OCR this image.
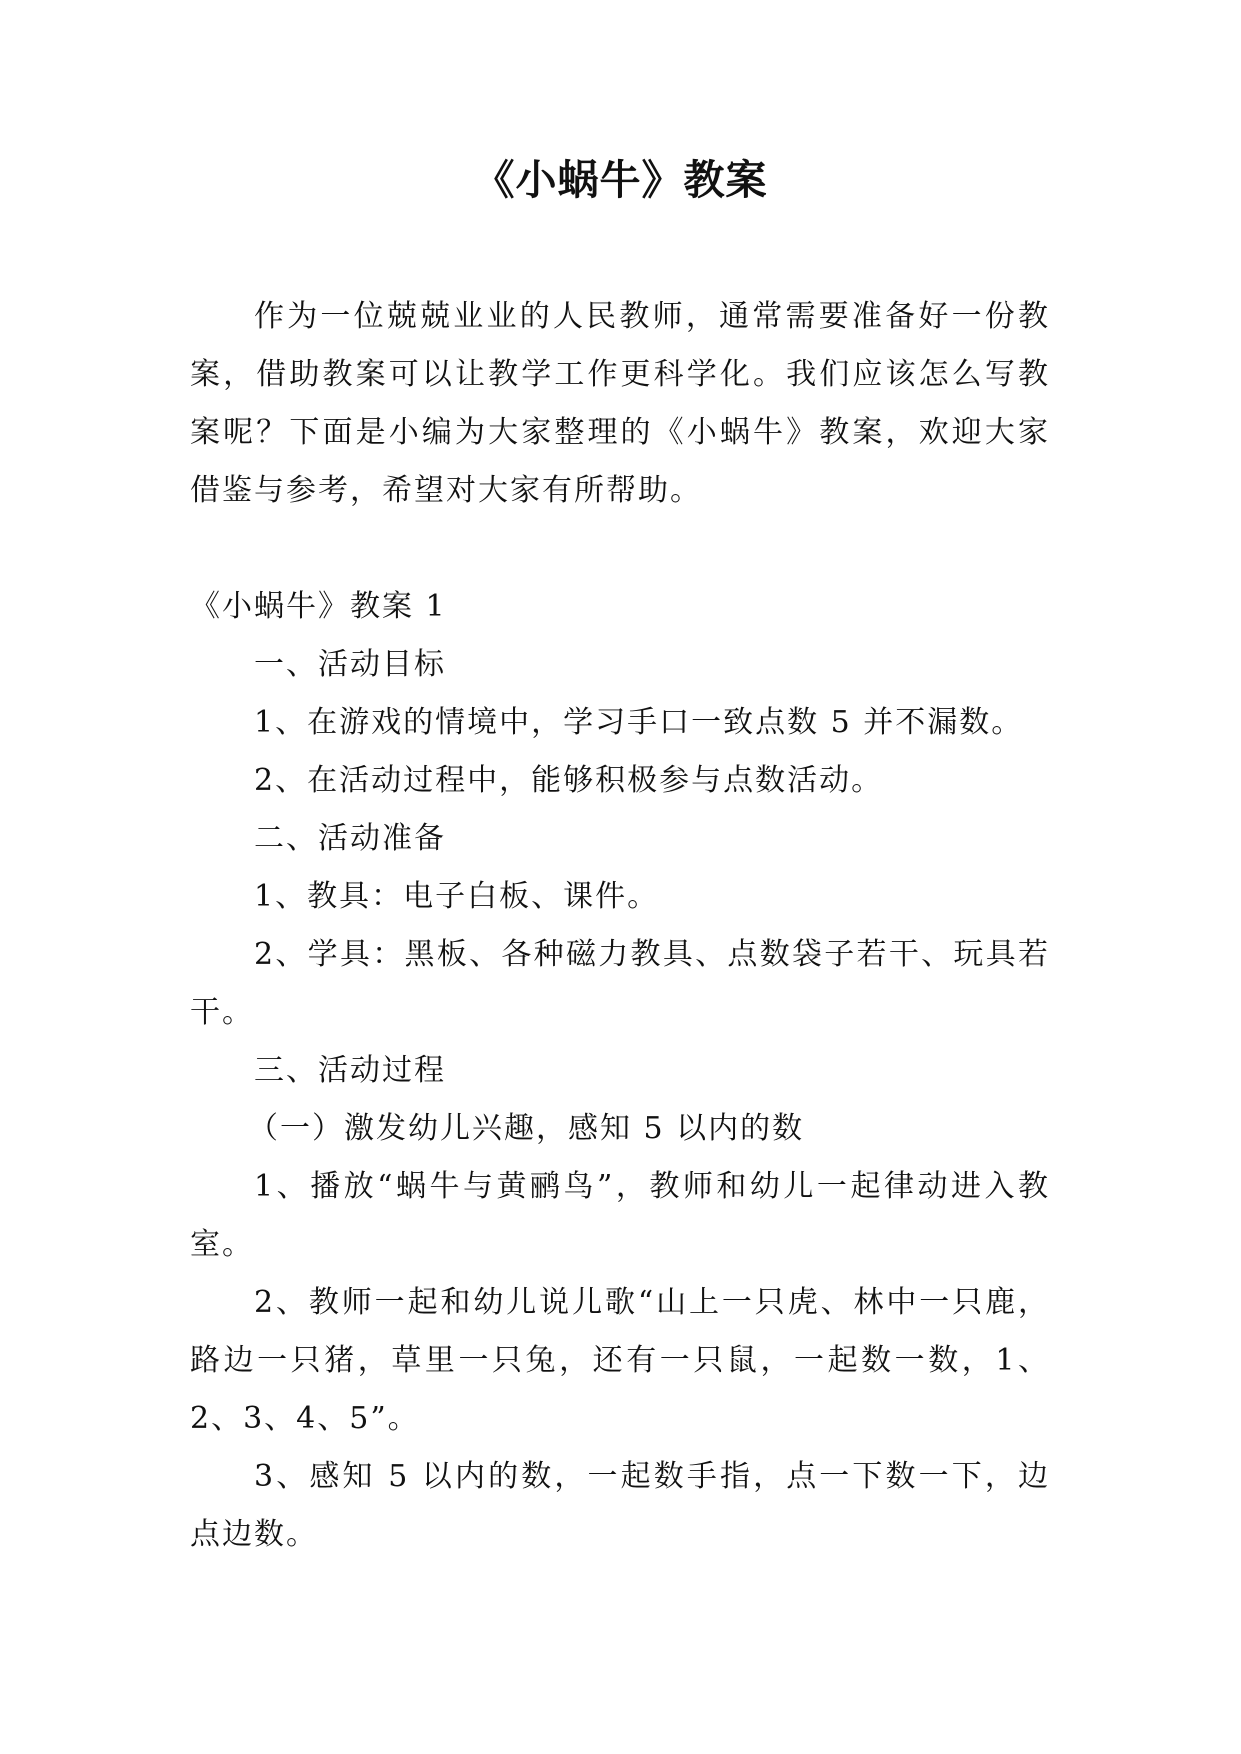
《小蜗牛》教案

作为一位兢兢业业的人民教师，通常需要准备好一份教案，借助教案可以让教学工作更科学化。我们应该怎么写教案呢？下面是小编为大家整理的《小蜗牛》教案，欢迎大家借鉴与参考，希望对大家有所帮助。

《小蜗牛》教案 1

一、活动目标

1、在游戏的情境中，学习手口一致点数 5 并不漏数。

2、在活动过程中，能够积极参与点数活动。

二、活动准备

1、教具：电子白板、课件。

2、学具：黑板、各种磁力教具、点数袋子若干、玩具若干。

三、活动过程

（一）激发幼儿兴趣，感知 5 以内的数

1、播放“蜗牛与黄鹂鸟”，教师和幼儿一起律动进入教室。

2、教师一起和幼儿说儿歌“山上一只虎、林中一只鹿，路边一只猪，草里一只兔，还有一只鼠，一起数一数，1、2、3、4、5”。

3、感知 5 以内的数，一起数手指，点一下数一下，边点边数。
